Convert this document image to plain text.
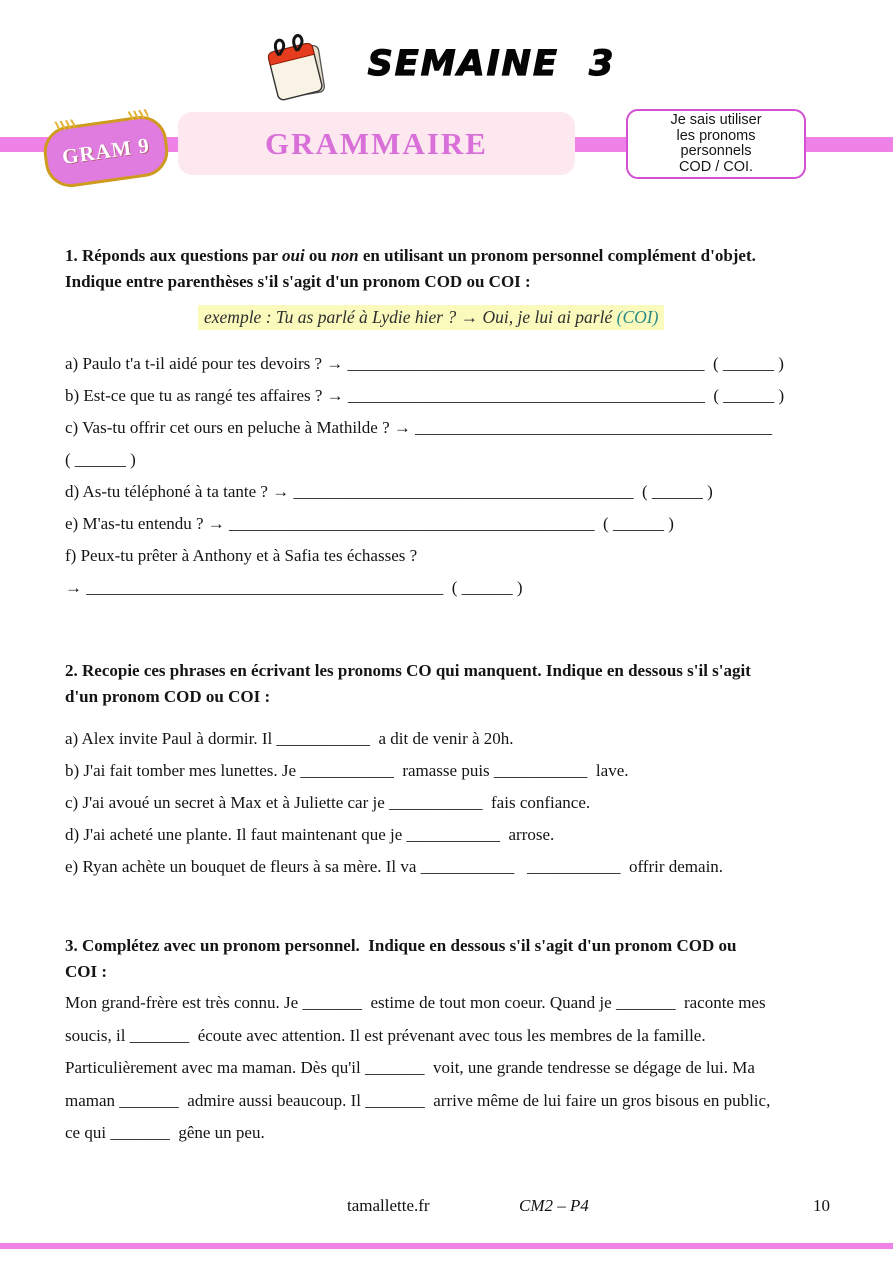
SEMAINE 3
GRAM 9	GRAMMAIRE
Je sais utiliser
les pronoms
personnels
COD / COI.
1. Réponds aux questions par oui ou non en utilisant un pronom personnel complément d'objet.
Indique entre parenthèses s'il s'agit d'un pronom COD ou COI :
exemple : Tu as parlé à Lydie hier ? → Oui, je lui ai parlé (COI)
a) Paulo t'a t-il aidé pour tes devoirs ? → __________________________________________  ( ______ )
b) Est-ce que tu as rangé tes affaires ? → __________________________________________  ( ______ )
c) Vas-tu offrir cet ours en peluche à Mathilde ? → __________________________________________
( ______ )
d) As-tu téléphoné à ta tante ? → ________________________________________  ( ______ )
e) M'as-tu entendu ? → ___________________________________________  ( ______ )
f) Peux-tu prêter à Anthony et à Safia tes échasses ?
→ __________________________________________  ( ______ )
2. Recopie ces phrases en écrivant les pronoms CO qui manquent. Indique en dessous s'il s'agit
d'un pronom COD ou COI :
a) Alex invite Paul à dormir. Il ___________  a dit de venir à 20h.
b) J'ai fait tomber mes lunettes. Je ___________  ramasse puis ___________  lave.
c) J'ai avoué un secret à Max et à Juliette car je ___________  fais confiance.
d) J'ai acheté une plante. Il faut maintenant que je ___________  arrose.
e) Ryan achète un bouquet de fleurs à sa mère. Il va ___________   ___________  offrir demain.
3. Complétez avec un pronom personnel.  Indique en dessous s'il s'agit d'un pronom COD ou
COI :
Mon grand-frère est très connu. Je _______  estime de tout mon coeur. Quand je _______  raconte mes
soucis, il _______  écoute avec attention. Il est prévenant avec tous les membres de la famille.
Particulièrement avec ma maman. Dès qu'il _______  voit, une grande tendresse se dégage de lui. Ma
maman _______  admire aussi beaucoup. Il _______  arrive même de lui faire un gros bisous en public,
ce qui _______  gêne un peu.
tamallette.fr	CM2 – P4	10
